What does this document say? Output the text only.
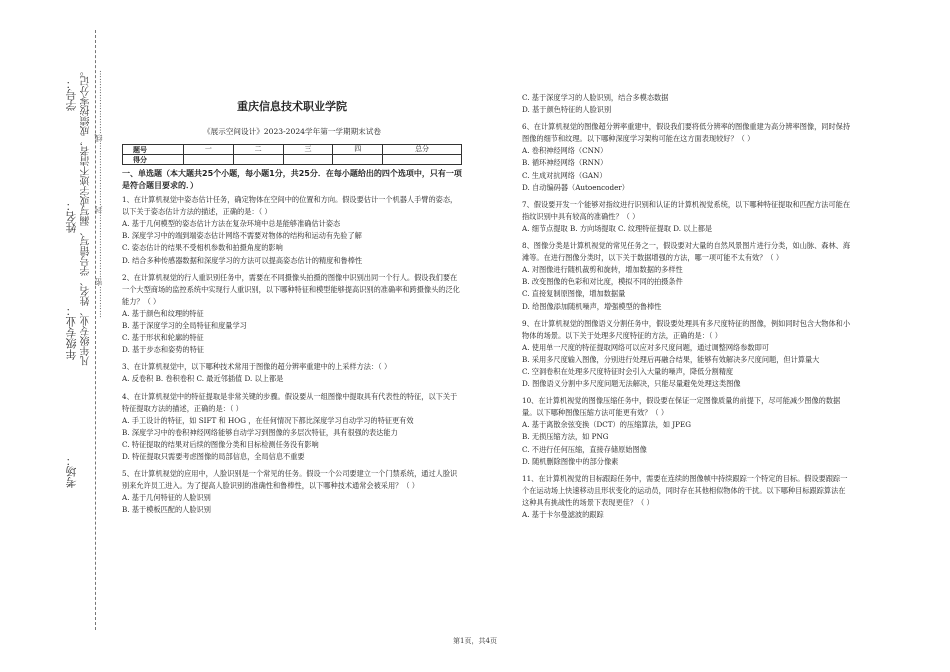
学号：
姓名：
年级专业：
考场：
凡年级专业、姓名、学号错写、漏写或字迹不清者，成绩按零分记。 …………密……………………封……………………线……………………	重庆信息技术职业学院
《展示空间设计》2023-2024学年第一学期期末试卷
题号	一	二	三	四	总分
得分					
一、单选题（本大题共25个小题，每小题1分，共25分．在每小题给出的四个选项中，只有一项是符合题目要求的．）

1、在计算机视觉中姿态估计任务，确定物体在空间中的位置和方向。假设要估计一个机器人手臂的姿态，以下关于姿态估计方法的描述，正确的是：（ ）

A. 基于几何模型的姿态估计方法在复杂环境中总是能够准确估计姿态

B. 深度学习中的端到端姿态估计网络不需要对物体的结构和运动有先验了解

C. 姿态估计的结果不受相机参数和拍摄角度的影响

D. 结合多种传感器数据和深度学习的方法可以提高姿态估计的精度和鲁棒性

2、在计算机视觉的行人重识别任务中，需要在不同摄像头拍摄的图像中识别出同一个行人。假设我们要在一个大型商场的监控系统中实现行人重识别，以下哪种特征和模型能够提高识别的准确率和跨摄像头的泛化能力？（ ）

A. 基于颜色和纹理的特征

B. 基于深度学习的全局特征和度量学习

C. 基于形状和轮廓的特征

D. 基于步态和姿势的特征

3、在计算机视觉中，以下哪种技术常用于图像的超分辨率重建中的上采样方法：（ ）

A. 反卷积 B. 卷积卷积 C. 最近邻插值 D. 以上都是

4、在计算机视觉中的特征提取是非常关键的步骤。假设要从一组图像中提取具有代表性的特征，以下关于特征提取方法的描述，正确的是：（ ）

A. 手工设计的特征，如 SIFT 和 HOG ，在任何情况下都比深度学习自动学习的特征更有效

B. 深度学习中的卷积神经网络能够自动学习到图像的多层次特征，具有很强的表达能力

C. 特征提取的结果对后续的图像分类和目标检测任务没有影响

D. 特征提取只需要考虑图像的局部信息，全局信息不重要

5、在计算机视觉的应用中，人脸识别是一个常见的任务。假设一个公司要建立一个门禁系统，通过人脸识别来允许员工进入。为了提高人脸识别的准确性和鲁棒性，以下哪种技术通常会被采用？（ ）

A. 基于几何特征的人脸识别

B. 基于模板匹配的人脸识别

C. 基于深度学习的人脸识别，结合多模态数据

D. 基于颜色特征的人脸识别

6、在计算机视觉的图像超分辨率重建中，假设我们要将低分辨率的图像重建为高分辨率图像，同时保持图像的细节和纹理。以下哪种深度学习架构可能在这方面表现较好？（ ）

A. 卷积神经网络（CNN）

B. 循环神经网络（RNN）

C. 生成对抗网络（GAN）

D. 自动编码器（Autoencoder）

7、假设要开发一个能够对指纹进行识别和认证的计算机视觉系统，以下哪种特征提取和匹配方法可能在指纹识别中具有较高的准确性？（ ）

A. 细节点提取 B. 方向场提取 C. 纹理特征提取 D. 以上都是

8、图像分类是计算机视觉的常见任务之一，假设要对大量的自然风景图片进行分类，如山脉、森林、海滩等。在进行图像分类时，以下关于数据增强的方法，哪一项可能不太有效？（ ）

A. 对图像进行随机裁剪和旋转，增加数据的多样性

B. 改变图像的色彩和对比度，模拟不同的拍摄条件

C. 直接复制原图像，增加数据量

D. 给图像添加随机噪声，增强模型的鲁棒性

9、在计算机视觉的图像语义分割任务中，假设要处理具有多尺度特征的图像，例如同时包含大物体和小物体的场景。以下关于处理多尺度特征的方法，正确的是：（ ）

A. 使用单一尺度的特征提取网络可以应对多尺度问题，通过调整网络参数即可

B. 采用多尺度输入图像，分别进行处理后再融合结果，能够有效解决多尺度问题，但计算量大

C. 空洞卷积在处理多尺度特征时会引入大量的噪声，降低分割精度

D. 图像语义分割中多尺度问题无法解决，只能尽量避免处理这类图像

10、在计算机视觉的图像压缩任务中，假设要在保证一定图像质量的前提下，尽可能减少图像的数据量。以下哪种图像压缩方法可能更有效？（ ）

A. 基于离散余弦变换（DCT）的压缩算法，如 JPEG

B. 无损压缩方法，如 PNG

C. 不进行任何压缩，直接存储原始图像

D. 随机删除图像中的部分像素

11、在计算机视觉的目标跟踪任务中，需要在连续的图像帧中持续跟踪一个特定的目标。假设要跟踪一个在运动场上快速移动且形状变化的运动员，同时存在其他相似物体的干扰。以下哪种目标跟踪算法在这种具有挑战性的场景下表现更佳？（ ）

A. 基于卡尔曼滤波的跟踪

第1页，共4页
